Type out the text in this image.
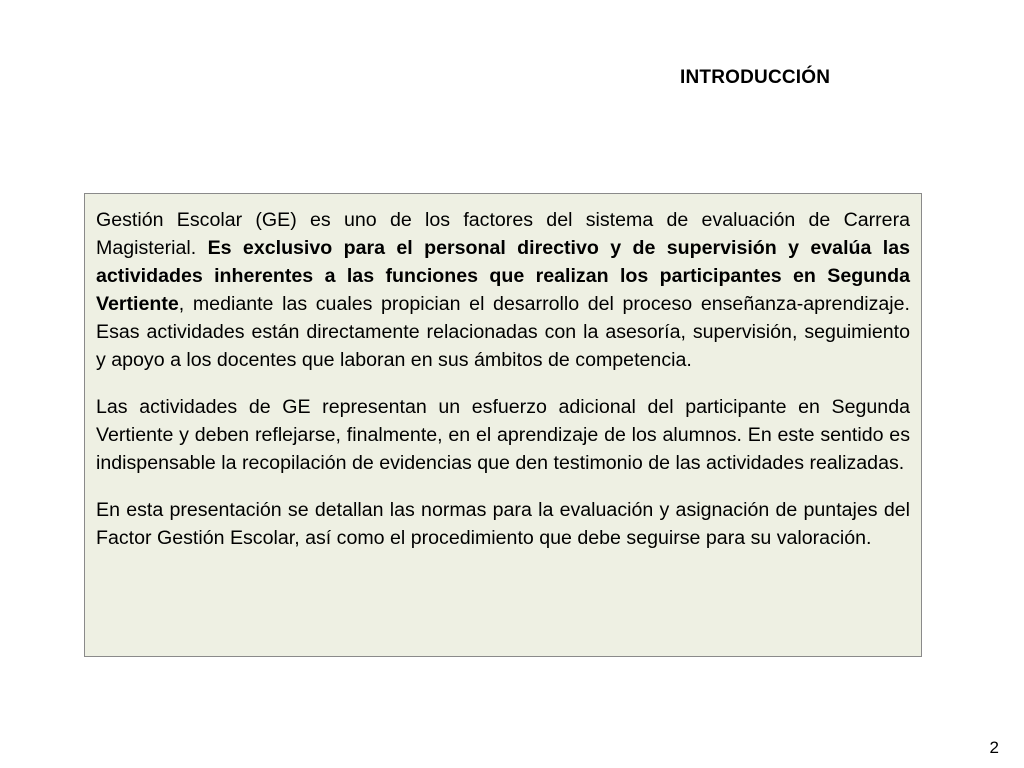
INTRODUCCIÓN

Gestión Escolar (GE) es uno de los factores del sistema de evaluación de Carrera Magisterial. Es exclusivo para el personal directivo y de supervisión y evalúa las actividades inherentes a las funciones que realizan los participantes en Segunda Vertiente, mediante las cuales propician el desarrollo del proceso enseñanza-aprendizaje. Esas actividades están directamente relacionadas con la asesoría, supervisión, seguimiento y apoyo a los docentes que laboran en sus ámbitos de competencia.

Las actividades de GE representan un esfuerzo adicional del participante en Segunda Vertiente y deben reflejarse, finalmente, en el aprendizaje de los alumnos. En este sentido es indispensable la recopilación de evidencias que den testimonio de las actividades realizadas.

En esta presentación se detallan las normas para la evaluación y asignación de puntajes del Factor Gestión Escolar, así como el procedimiento que debe seguirse para su valoración.

2
